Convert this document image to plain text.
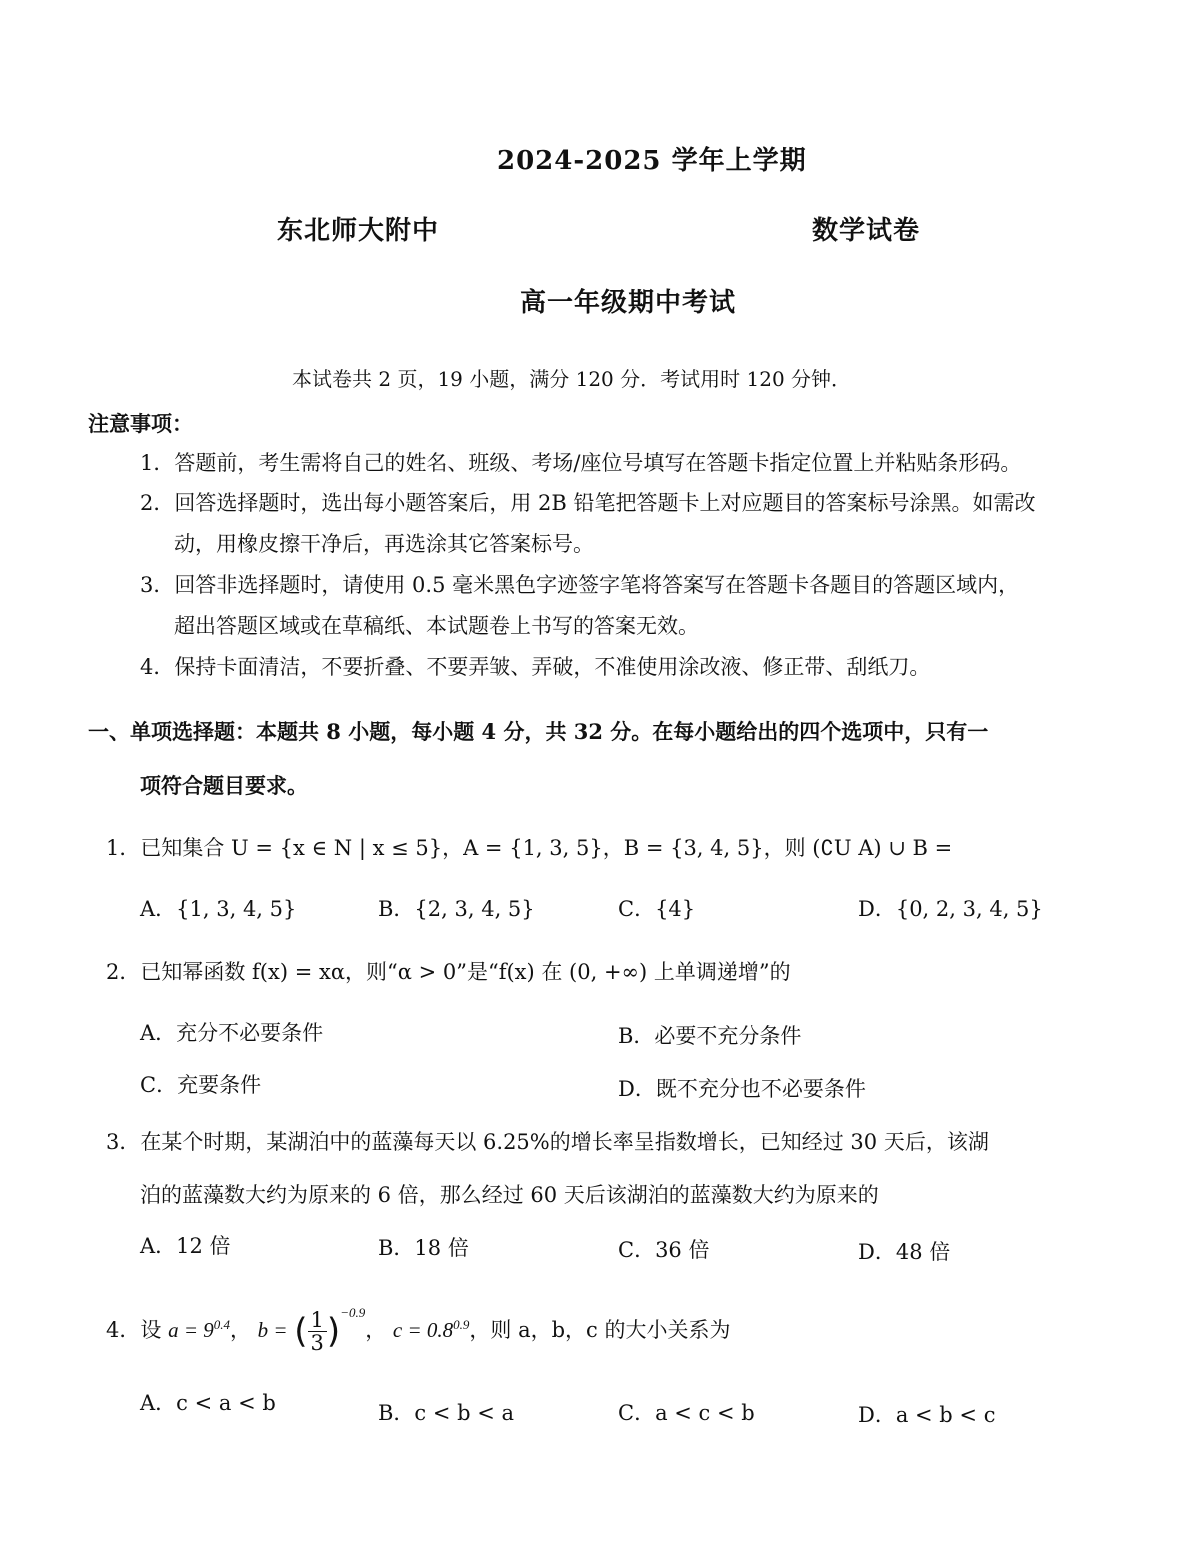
2024-2025 学年上学期
东北师大附中	数学试卷
高一年级期中考试
本试卷共 2 页，19 小题，满分 120 分．考试用时 120 分钟．
注意事项：
1．答题前，考生需将自己的姓名、班级、考场/座位号填写在答题卡指定位置上并粘贴条形码。
2．回答选择题时，选出每小题答案后，用 2B 铅笔把答题卡上对应题目的答案标号涂黑。如需改
动，用橡皮擦干净后，再选涂其它答案标号。
3．回答非选择题时，请使用 0.5 毫米黑色字迹签字笔将答案写在答题卡各题目的答题区域内，
超出答题区域或在草稿纸、本试题卷上书写的答案无效。
4．保持卡面清洁，不要折叠、不要弄皱、弄破，不准使用涂改液、修正带、刮纸刀。
一、单项选择题：本题共 8 小题，每小题 4 分，共 32 分。在每小题给出的四个选项中，只有一
项符合题目要求。
1．已知集合 U = {x ∈ N | x ≤ 5}，A = {1, 3, 5}，B = {3, 4, 5}，则 (∁U A) ∪ B =
A．{1, 3, 4, 5}	B．{2, 3, 4, 5}	C．{4}	D．{0, 2, 3, 4, 5}
2．已知幂函数 f(x) = xα，则“α > 0”是“f(x) 在 (0, +∞) 上单调递增”的
A．充分不必要条件	B．必要不充分条件
C．充要条件	D．既不充分也不必要条件
3．在某个时期，某湖泊中的蓝藻每天以 6.25%的增长率呈指数增长，已知经过 30 天后，该湖
泊的蓝藻数大约为原来的 6 倍，那么经过 60 天后该湖泊的蓝藻数大约为原来的
A．12 倍	B．18 倍	C．36 倍	D．48 倍
4．设 $a = 9^{0.4}$， b = ( $\frac{1}{3} )^{-0.9}$， $c = 0.8^{0.9}$，则 a，b，c 的大小关系为
A．c < a < b	B．c < b < a	C．a < c < b	D．a < b < c
